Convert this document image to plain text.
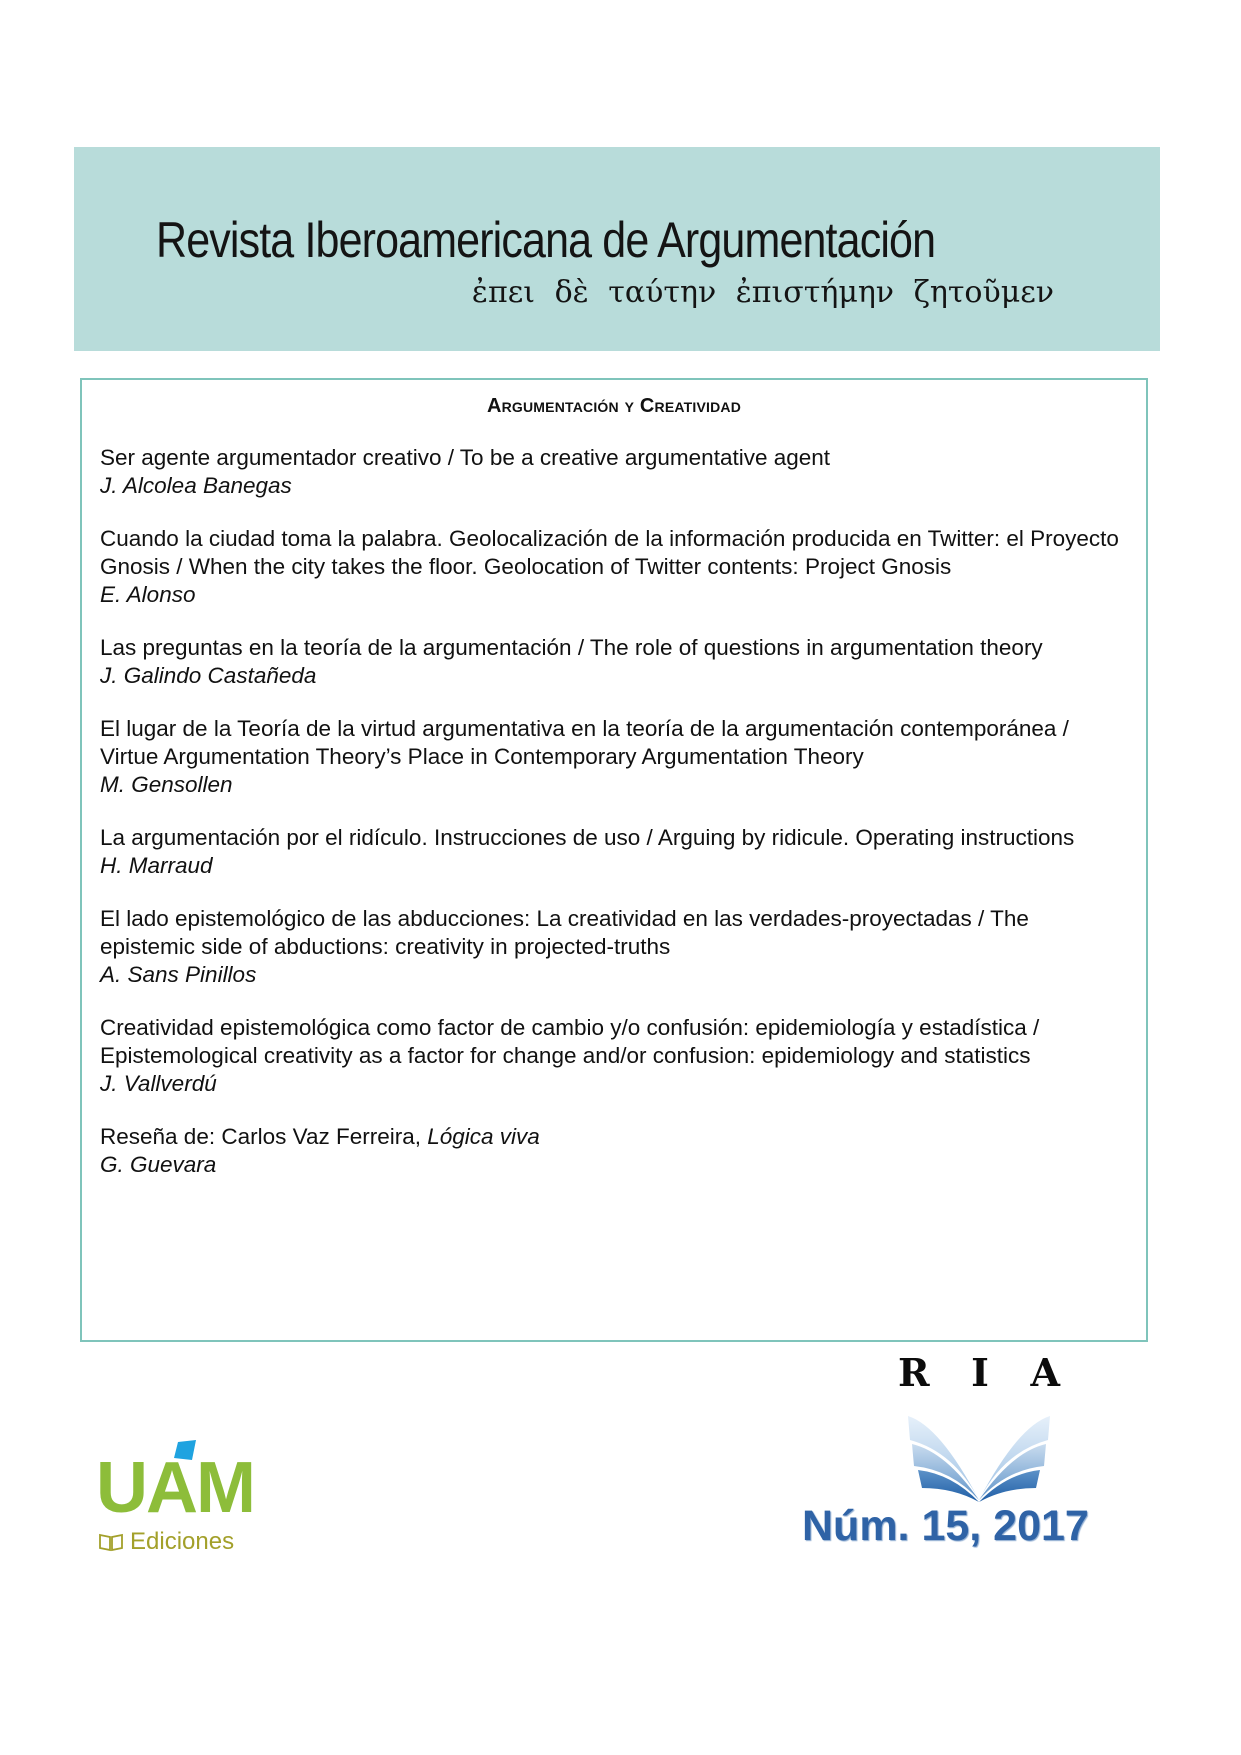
Revista Iberoamericana de Argumentación

ἐπει δὲ ταύτην ἐπιστήμην ζητοῦμεν

Argumentación y Creatividad
Ser agente argumentador creativo / To be a creative argumentative agent
J. Alcolea Banegas
Cuando la ciudad toma la palabra. Geolocalización de la información producida en Twitter: el Proyecto Gnosis / When the city takes the floor. Geolocation of Twitter contents: Project Gnosis
E. Alonso
Las preguntas en la teoría de la argumentación / The role of questions in argumentation theory
J. Galindo Castañeda
El lugar de la Teoría de la virtud argumentativa en la teoría de la argumentación contemporánea / Virtue Argumentation Theory’s Place in Contemporary Argumentation Theory
M. Gensollen
La argumentación por el ridículo. Instrucciones de uso / Arguing by ridicule. Operating instructions
H. Marraud
El lado epistemológico de las abducciones: La creatividad en las verdades-proyectadas / The epistemic side of abductions: creativity in projected-truths
A. Sans Pinillos
Creatividad epistemológica como factor de cambio y/o confusión: epidemiología y estadística / Epistemological creativity as a factor for change and/or confusion: epidemiology and statistics
J. Vallverdú
Reseña de: Carlos Vaz Ferreira, Lógica viva
G. Guevara
R I A

Núm. 15, 2017

UAM
Ediciones
